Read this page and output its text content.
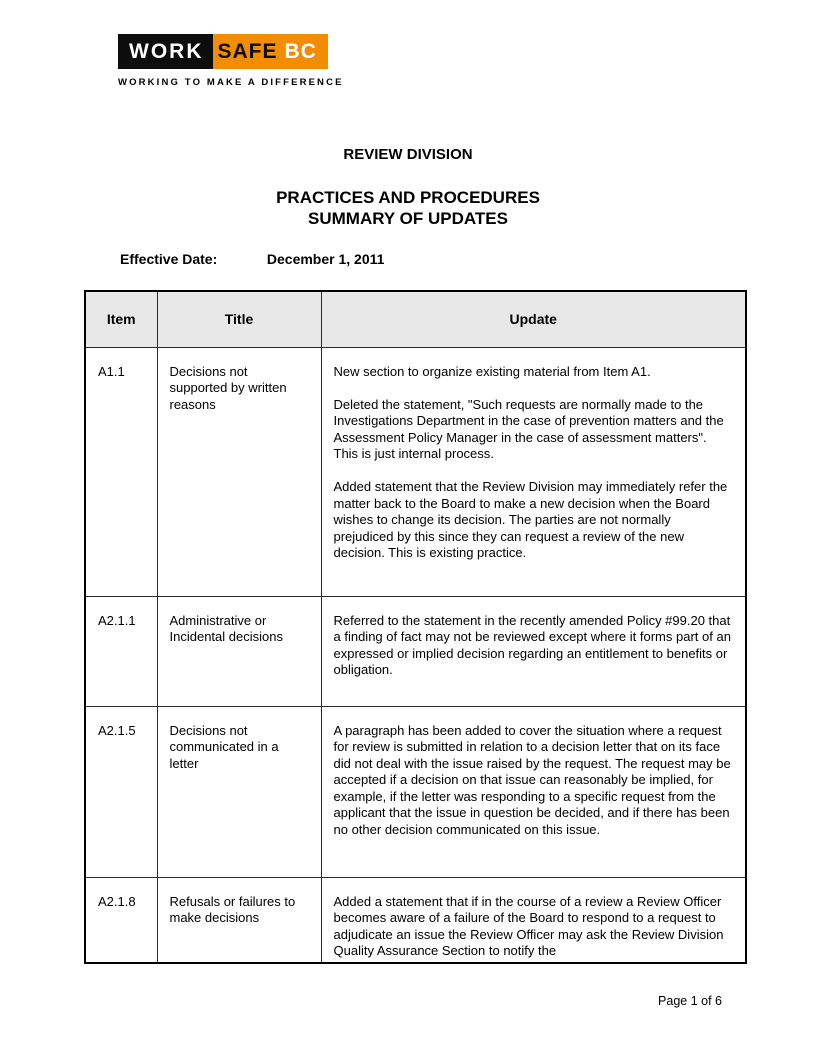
WORK SAFE BC
WORKING TO MAKE A DIFFERENCE
REVIEW DIVISION
PRACTICES AND PROCEDURES
SUMMARY OF UPDATES
Effective Date:	December 1, 2011
Item	Title	Update

A1.1	Decisions not supported by written reasons	New section to organize existing material from Item A1.

Deleted the statement, "Such requests are normally made to the Investigations Department in the case of prevention matters and the Assessment Policy Manager in the case of assessment matters". This is just internal process.

Added statement that the Review Division may immediately refer the matter back to the Board to make a new decision when the Board wishes to change its decision. The parties are not normally prejudiced by this since they can request a review of the new decision. This is existing practice.

A2.1.1	Administrative or Incidental decisions	Referred to the statement in the recently amended Policy #99.20 that a finding of fact may not be reviewed except where it forms part of an expressed or implied decision regarding an entitlement to benefits or obligation.

A2.1.5	Decisions not communicated in a letter	A paragraph has been added to cover the situation where a request for review is submitted in relation to a decision letter that on its face did not deal with the issue raised by the request. The request may be accepted if a decision on that issue can reasonably be implied, for example, if the letter was responding to a specific request from the applicant that the issue in question be decided, and if there has been no other decision communicated on this issue.

A2.1.8	Refusals or failures to make decisions	Added a statement that if in the course of a review a Review Officer becomes aware of a failure of the Board to respond to a request to adjudicate an issue the Review Officer may ask the Review Division Quality Assurance Section to notify the

Page 1 of 6
